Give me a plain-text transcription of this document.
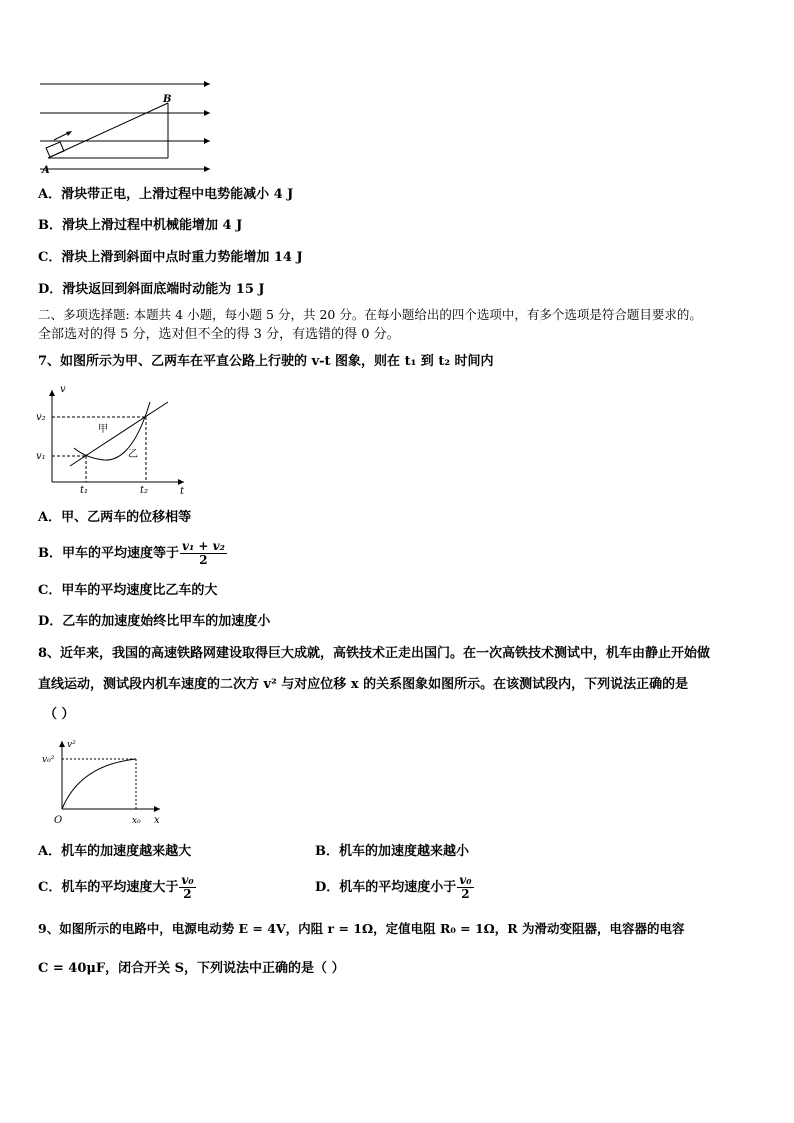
A
B
A．滑块带正电，上滑过程中电势能减小 4 J
B．滑块上滑过程中机械能增加 4 J
C．滑块上滑到斜面中点时重力势能增加 14 J
D．滑块返回到斜面底端时动能为 15 J
二、多项选择题: 本题共 4 小题，每小题 5 分，共 20 分。在每小题给出的四个选项中，有多个选项是符合题目要求的。
全部选对的得 5 分，选对但不全的得 3 分，有选错的得 0 分。
7、如图所示为甲、乙两车在平直公路上行驶的 v-t 图象，则在 t₁ 到 t₂ 时间内
v
t
v₂
v₁
t₁	t₂
甲
乙
A．甲、乙两车的位移相等
B．甲车的平均速度等于 $\frac{\text{v₁ + v₂}}{2}$
C．甲车的平均速度比乙车的大
D．乙车的加速度始终比甲车的加速度小
8、近年来，我国的高速铁路网建设取得巨大成就，高铁技术正走出国门。在一次高铁技术测试中，机车由静止开始做
直线运动，测试段内机车速度的二次方 v² 与对应位移 x 的关系图象如图所示。在该测试段内，下列说法正确的是
（ ）
v²
v₀²
O	x₀ x
A．机车的加速度越来越大	B．机车的加速度越来越小
C．机车的平均速度大于 $\frac{\text{v₀}}{2}$	D．机车的平均速度小于 $\frac{\text{v₀}}{2}$
9、如图所示的电路中，电源电动势 E = 4V，内阻 r = 1Ω，定值电阻 R₀ = 1Ω，R 为滑动变阻器，电容器的电容
C = 40μF，闭合开关 S，下列说法中正确的是（ ）
